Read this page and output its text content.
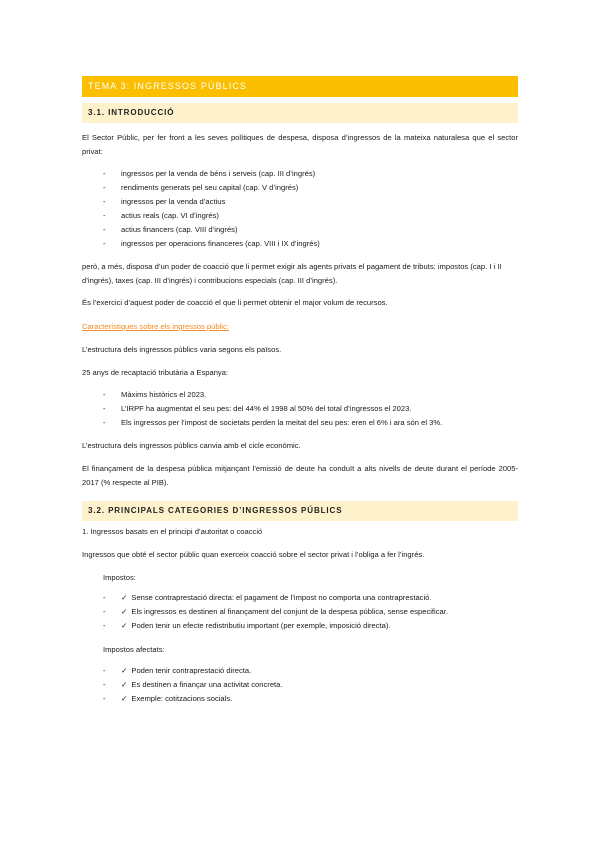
TEMA 3: INGRESSOS PÚBLICS
3.1. INTRODUCCIÓ

El Sector Públic, per fer front a les seves polítiques de despesa, disposa d’ingressos de la mateixa naturalesa que el sector privat:

- ingressos per la venda de béns i serveis (cap. III d’ingrés)
- rendiments generats pel seu capital (cap. V d’ingrés)
- ingressos per la venda d’actius
- actius reals (cap. VI d’ingrés)
- actius financers (cap. VIII d’ingrés)
- ingressos per operacions financeres (cap. VIII i IX d’ingrés)

però, a més, disposa d’un poder de coacció que li permet exigir als agents privats el pagament de tributs: impostos (cap. I i II d’ingrés), taxes (cap. III d’ingrés) i contribucions especials (cap. III d’ingrés).

És l’exercici d’aquest poder de coacció el que li permet obtenir el major volum de recursos.

Característiques sobre els ingressos públic:

L’estructura dels ingressos públics varia segons els països.

25 anys de recaptació tributària a Espanya:

- Màxims històrics el 2023.
- L’IRPF ha augmentat el seu pes: del 44% el 1998 al 50% del total d’ingressos el 2023.
- Els ingressos per l’impost de societats perden la meitat del seu pes: eren el 6% i ara són el 3%.

L’estructura dels ingressos públics canvia amb el cicle econòmic.

El finançament de la despesa pública mitjançant l’emissió de deute ha conduït a alts nivells de deute durant el període 2005-2017 (% respecte al PIB).

3.2. PRINCIPALS CATEGORIES D’INGRESSOS PÚBLICS

1. Ingressos basats en el principi d’autoritat o coacció

Ingressos que obté el sector públic quan exerceix coacció sobre el sector privat i l’obliga a fer l’ingrés.

Impostos:

- ✓ Sense contraprestació directa: el pagament de l’impost no comporta una contraprestació.
- ✓ Els ingressos es destinen al finançament del conjunt de la despesa pública, sense especificar.
- ✓ Poden tenir un efecte redistributiu important (per exemple, imposició directa).

Impostos afectats:

- ✓ Poden tenir contraprestació directa.
- ✓ Es destinen a finançar una activitat concreta.
- ✓ Exemple: cotitzacions socials.
